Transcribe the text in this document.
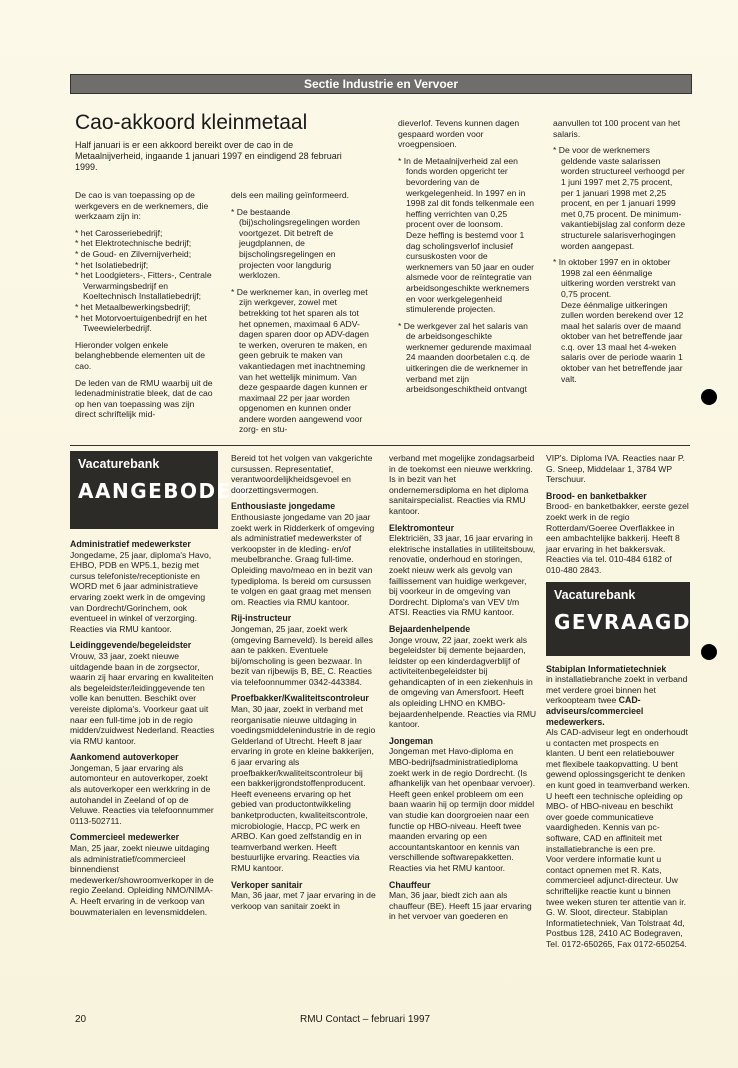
Sectie Industrie en Vervoer
Cao-akkoord kleinmetaal
Half januari is er een akkoord bereikt over de cao in de Metaalnijverheid, ingaande 1 januari 1997 en eindigend 28 februari 1999.

De cao is van toepassing op de werkgevers en de werknemers, die werkzaam zijn in:

* het Carosseriebedrijf;
* het Elektrotechnische bedrijf;
* de Goud- en Zilvernijverheid;
* het Isolatiebedrijf;
* het Loodgieters-, Fitters-, Centrale Verwarmingsbedrijf en Koeltechnisch Installatiebedrijf;
* het Metaalbewerkingsbedrijf;
* het Motorvoertuigenbedrijf en het Tweewielerbedrijf.

Hieronder volgen enkele belanghebbende elementen uit de cao.

De leden van de RMU waarbij uit de ledenadministratie bleek, dat de cao op hen van toepassing was zijn direct schriftelijk mid-

dels een mailing geïnformeerd.

* De bestaande (bij)scholingsregelingen worden voortgezet. Dit betreft de jeugdplannen, de bijscholingsregelingen en projecten voor langdurig werklozen.
* De werknemer kan, in overleg met zijn werkgever, zowel met betrekking tot het sparen als tot het opnemen, maximaal 6 ADV-dagen sparen door op ADV-dagen te werken, overuren te maken, en geen gebruik te maken van vakantiedagen met inachtneming van het wettelijk minimum. Van deze gespaarde dagen kunnen er maximaal 22 per jaar worden opgenomen en kunnen onder andere worden aangewend voor zorg- en stu-

dieverlof. Tevens kunnen dagen gespaard worden voor vroegpensioen.

* In de Metaalnijverheid zal een fonds worden opgericht ter bevordering van de werkgelegenheid. In 1997 en in 1998 zal dit fonds telkenmale een heffing verrichten van 0,25 procent over de loonsom.

Deze heffing is bestemd voor 1 dag scholingsverlof inclusief cursuskosten voor de werknemers van 50 jaar en ouder alsmede voor de reïntegratie van arbeidsongeschikte werknemers en voor werkgelegenheid stimulerende projecten.

* De werkgever zal het salaris van de arbeidsongeschikte werknemer gedurende maximaal 24 maanden doorbetalen c.q. de uitkeringen die de werknemer in verband met zijn arbeidsongeschiktheid ontvangt

aanvullen tot 100 procent van het salaris.

* De voor de werknemers geldende vaste salarissen worden structureel verhoogd per 1 juni 1997 met 2,75 procent, per 1 januari 1998 met 2,25 procent, en per 1 januari 1999 met 0,75 procent. De minimum-vakantiebijslag zal conform deze structurele salarisverhogingen worden aangepast.
* In oktober 1997 en in oktober 1998 zal een éénmalige uitkering worden verstrekt van 0,75 procent.

Deze éénmalige uitkeringen zullen worden berekend over 12 maal het salaris over de maand oktober van het betreffende jaar c.q. over 13 maal het 4-weken salaris over de periode waarin 1 oktober van het betreffende jaar valt.

Vacaturebank
AANGEBODEN
Administratief medewerkster
Jongedame, 25 jaar, diploma's Havo, EHBO, PDB en WP5.1, bezig met cursus telefoniste/receptioniste en WORD met 6 jaar administratieve ervaring zoekt werk in de omgeving van Dordrecht/Gorinchem, ook eventueel in winkel of verzorging. Reacties via RMU kantoor.
Leidinggevende/begeleidster
Vrouw, 33 jaar, zoekt nieuwe uitdagende baan in de zorgsector, waarin zij haar ervaring en kwaliteiten als begeleidster/leidinggevende ten volle kan benutten. Beschikt over vereiste diploma's. Voorkeur gaat uit naar een full-time job in de regio midden/zuidwest Nederland. Reacties via RMU kantoor.
Aankomend autoverkoper
Jongeman, 5 jaar ervaring als automonteur en autoverkoper, zoekt als autoverkoper een werkkring in de autohandel in Zeeland of op de Veluwe. Reacties via telefoonnummer 0113-502711.
Commercieel medewerker
Man, 25 jaar, zoekt nieuwe uitdaging als administratief/commercieel binnendienst medewerker/showroomverkoper in de regio Zeeland. Opleiding NMO/NIMA-A. Heeft ervaring in de verkoop van bouwmaterialen en levensmiddelen.
Bereid tot het volgen van vakgerichte cursussen. Representatief, verantwoordelijkheidsgevoel en doorzettingsvermogen.
Enthousiaste jongedame
Enthousiaste jongedame van 20 jaar zoekt werk in Ridderkerk of omgeving als administratief medewerkster of verkoopster in de kleding- en/of meubelbranche. Graag full-time. Opleiding mavo/meao en in bezit van typediploma. Is bereid om cursussen te volgen en gaat graag met mensen om. Reacties via RMU kantoor.
Rij-instructeur
Jongeman, 25 jaar, zoekt werk (omgeving Barneveld). Is bereid alles aan te pakken. Eventuele bij/omscholing is geen bezwaar. In bezit van rijbewijs B, BE, C. Reacties via telefoonnummer 0342-443384.
Proefbakker/Kwaliteitscontroleur
Man, 30 jaar, zoekt in verband met reorganisatie nieuwe uitdaging in voedingsmiddelenindustrie in de regio Gelderland of Utrecht. Heeft 8 jaar ervaring in grote en kleine bakkerijen, 6 jaar ervaring als proefbakker/kwaliteitscontroleur bij een bakkerijgrondstoffenproducent. Heeft eveneens ervaring op het gebied van productontwikkeling banketproducten, kwaliteitscontrole, microbiologie, Haccp, PC werk en ARBO. Kan goed zelfstandig en in teamverband werken. Heeft bestuurlijke ervaring. Reacties via RMU kantoor.
Verkoper sanitair
Man, 36 jaar, met 7 jaar ervaring in de verkoop van sanitair zoekt in
verband met mogelijke zondagsarbeid in de toekomst een nieuwe werkkring. Is in bezit van het ondernemersdiploma en het diploma sanitairspecialist. Reacties via RMU kantoor.
Elektromonteur
Elektriciën, 33 jaar, 16 jaar ervaring in elektrische installaties in utiliteitsbouw, renovatie, onderhoud en storingen, zoekt nieuw werk als gevolg van faillissement van huidige werkgever, bij voorkeur in de omgeving van Dordrecht. Diploma's van VEV t/m ATSI. Reacties via RMU kantoor.
Bejaardenhelpende
Jonge vrouw, 22 jaar, zoekt werk als begeleidster bij demente bejaarden, leidster op een kinderdagverblijf of activiteitenbegeleidster bij gehandicapten of in een ziekenhuis in de omgeving van Amersfoort. Heeft als opleiding LHNO en KMBO-bejaardenhelpende. Reacties via RMU kantoor.
Jongeman
Jongeman met Havo-diploma en MBO-bedrijfsadministratiediploma zoekt werk in de regio Dordrecht. (Is afhankelijk van het openbaar vervoer). Heeft geen enkel probleem om een baan waarin hij op termijn door middel van studie kan doorgroeien naar een functie op HBO-niveau. Heeft twee maanden ervaring op een accountantskantoor en kennis van verschillende softwarepakketten. Reacties via het RMU kantoor.
Chauffeur
Man, 36 jaar, biedt zich aan als chauffeur (BE). Heeft 15 jaar ervaring in het vervoer van goederen en
VIP's. Diploma IVA. Reacties naar P. G. Sneep, Middelaar 1, 3784 WP Terschuur.
Brood- en banketbakker
Brood- en banketbakker, eerste gezel zoekt werk in de regio Rotterdam/Goeree Overflakkee in een ambachtelijke bakkerij. Heeft 8 jaar ervaring in het bakkersvak. Reacties via tel. 010-484 6182 of 010-480 2843.
Vacaturebank
GEVRAAGD
Stabiplan Informatietechniek
in installatiebranche zoekt in verband met verdere groei binnen het verkoopteam twee CAD-adviseurs/commercieel medewerkers.
Als CAD-adviseur legt en onderhoudt u contacten met prospects en klanten. U bent een relatiebouwer met flexibele taakopvatting. U bent gewend oplossingsgericht te denken en kunt goed in teamverband werken. U heeft een technische opleiding op MBO- of HBO-niveau en beschikt over goede communicatieve vaardigheden. Kennis van pc-software, CAD en affiniteit met installatiebranche is een pre.
Voor verdere informatie kunt u contact opnemen met R. Kats, commercieel adjunct-directeur. Uw schriftelijke reactie kunt u binnen twee weken sturen ter attentie van ir. G. W. Sloot, directeur. Stabiplan Informatietechniek, Van Tolstraat 4d, Postbus 128, 2410 AC Bodegraven, Tel. 0172-650265, Fax 0172-650254.
20	RMU Contact – februari 1997
